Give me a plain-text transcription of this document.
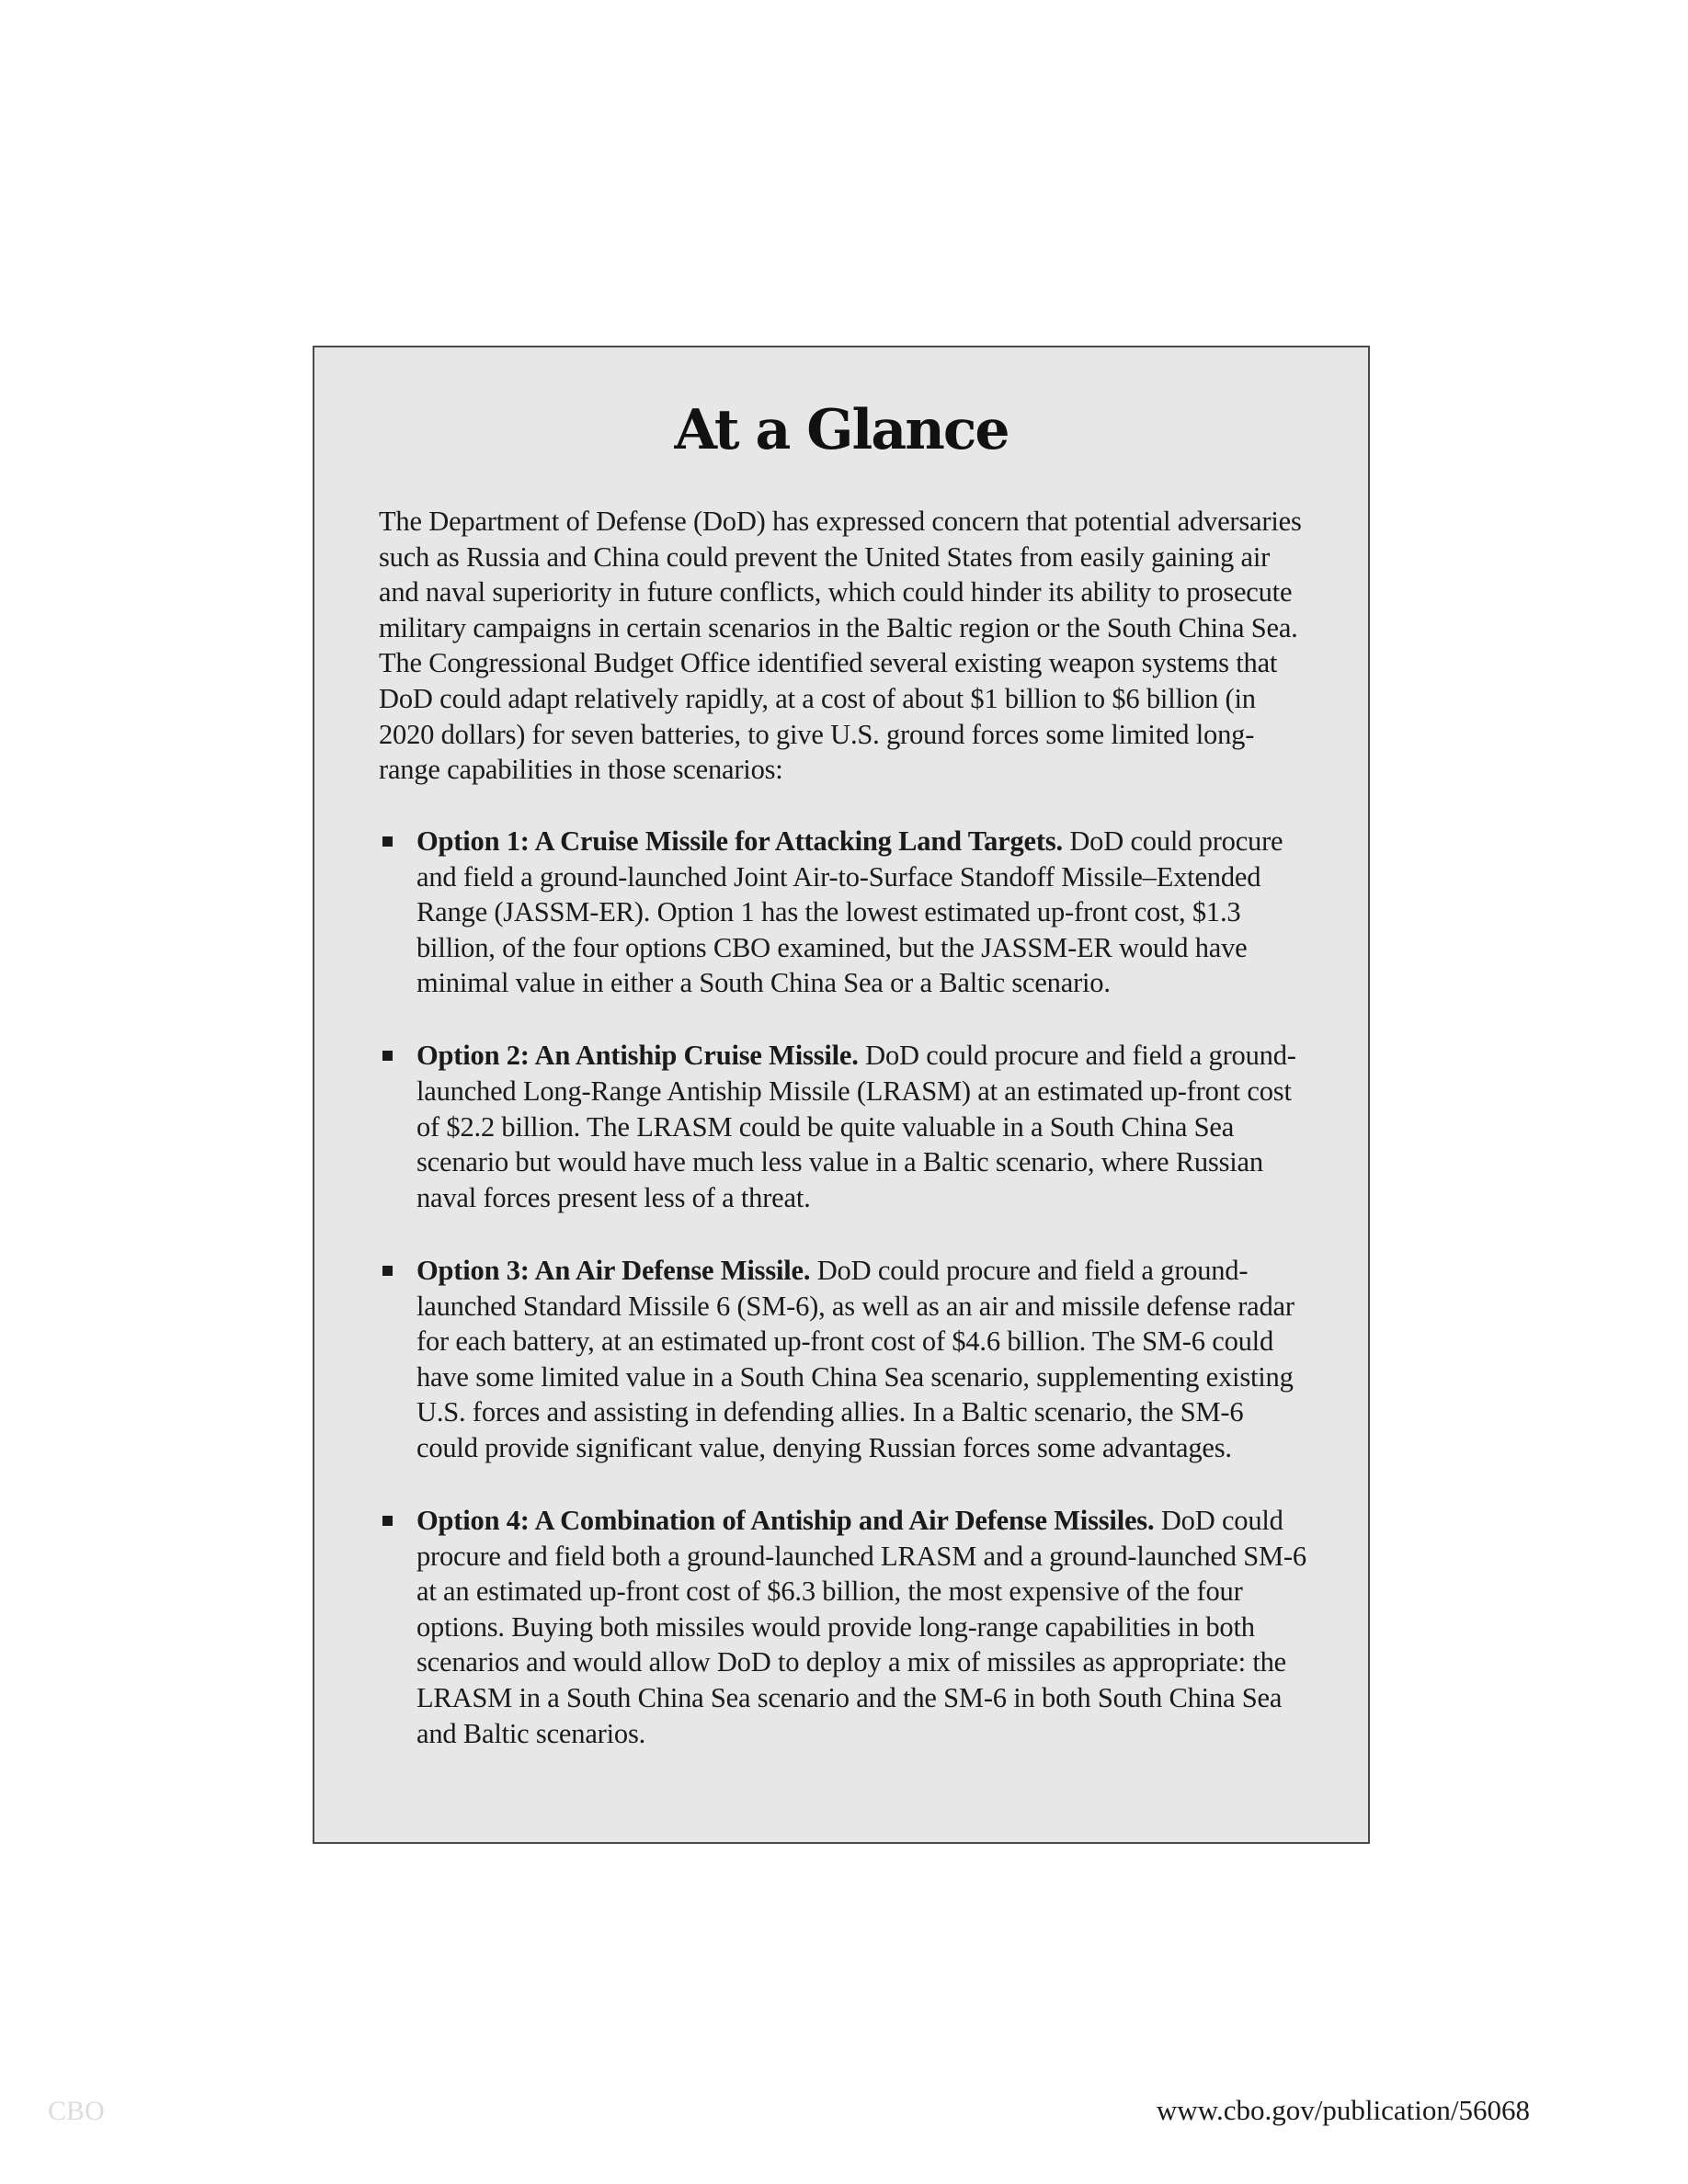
At a Glance

The Department of Defense (DoD) has expressed concern that potential adversaries such as Russia and China could prevent the United States from easily gaining air and naval superiority in future conflicts, which could hinder its ability to prosecute military campaigns in certain scenarios in the Baltic region or the South China Sea. The Congressional Budget Office identified several existing weapon systems that DoD could adapt relatively rapidly, at a cost of about $1 billion to $6 billion (in 2020 dollars) for seven batteries, to give U.S. ground forces some limited long-range capabilities in those scenarios:

Option 1: A Cruise Missile for Attacking Land Targets. DoD could procure and field a ground-launched Joint Air-to-Surface Standoff Missile–Extended Range (JASSM-ER). Option 1 has the lowest estimated up-front cost, $1.3 billion, of the four options CBO examined, but the JASSM-ER would have minimal value in either a South China Sea or a Baltic scenario.
Option 2: An Antiship Cruise Missile. DoD could procure and field a ground-launched Long-Range Antiship Missile (LRASM) at an estimated up-front cost of $2.2 billion. The LRASM could be quite valuable in a South China Sea scenario but would have much less value in a Baltic scenario, where Russian naval forces present less of a threat.
Option 3: An Air Defense Missile. DoD could procure and field a ground-launched Standard Missile 6 (SM-6), as well as an air and missile defense radar for each battery, at an estimated up-front cost of $4.6 billion. The SM-6 could have some limited value in a South China Sea scenario, supplementing existing U.S. forces and assisting in defending allies. In a Baltic scenario, the SM-6 could provide significant value, denying Russian forces some advantages.
Option 4: A Combination of Antiship and Air Defense Missiles. DoD could procure and field both a ground-launched LRASM and a ground-launched SM-6 at an estimated up-front cost of $6.3 billion, the most expensive of the four options. Buying both missiles would provide long-range capabilities in both scenarios and would allow DoD to deploy a mix of missiles as appropriate: the LRASM in a South China Sea scenario and the SM-6 in both South China Sea and Baltic scenarios.

CBO	www.cbo.gov/publication/56068
